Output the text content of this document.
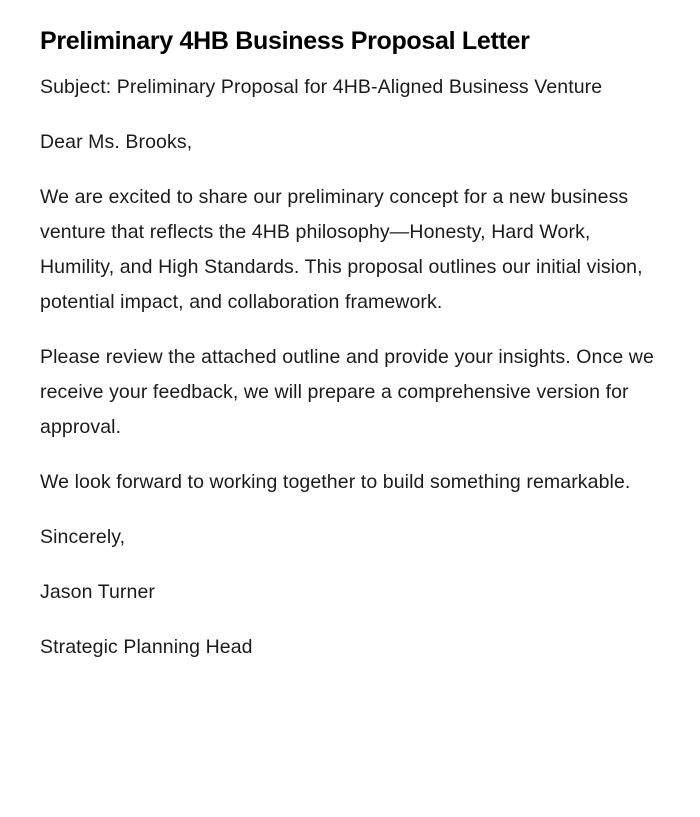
Preliminary 4HB Business Proposal Letter

Subject: Preliminary Proposal for 4HB-Aligned Business Venture

Dear Ms. Brooks,

We are excited to share our preliminary concept for a new business venture that reflects the 4HB philosophy—Honesty, Hard Work, Humility, and High Standards. This proposal outlines our initial vision, potential impact, and collaboration framework.

Please review the attached outline and provide your insights. Once we receive your feedback, we will prepare a comprehensive version for approval.

We look forward to working together to build something remarkable.

Sincerely,

Jason Turner

Strategic Planning Head
